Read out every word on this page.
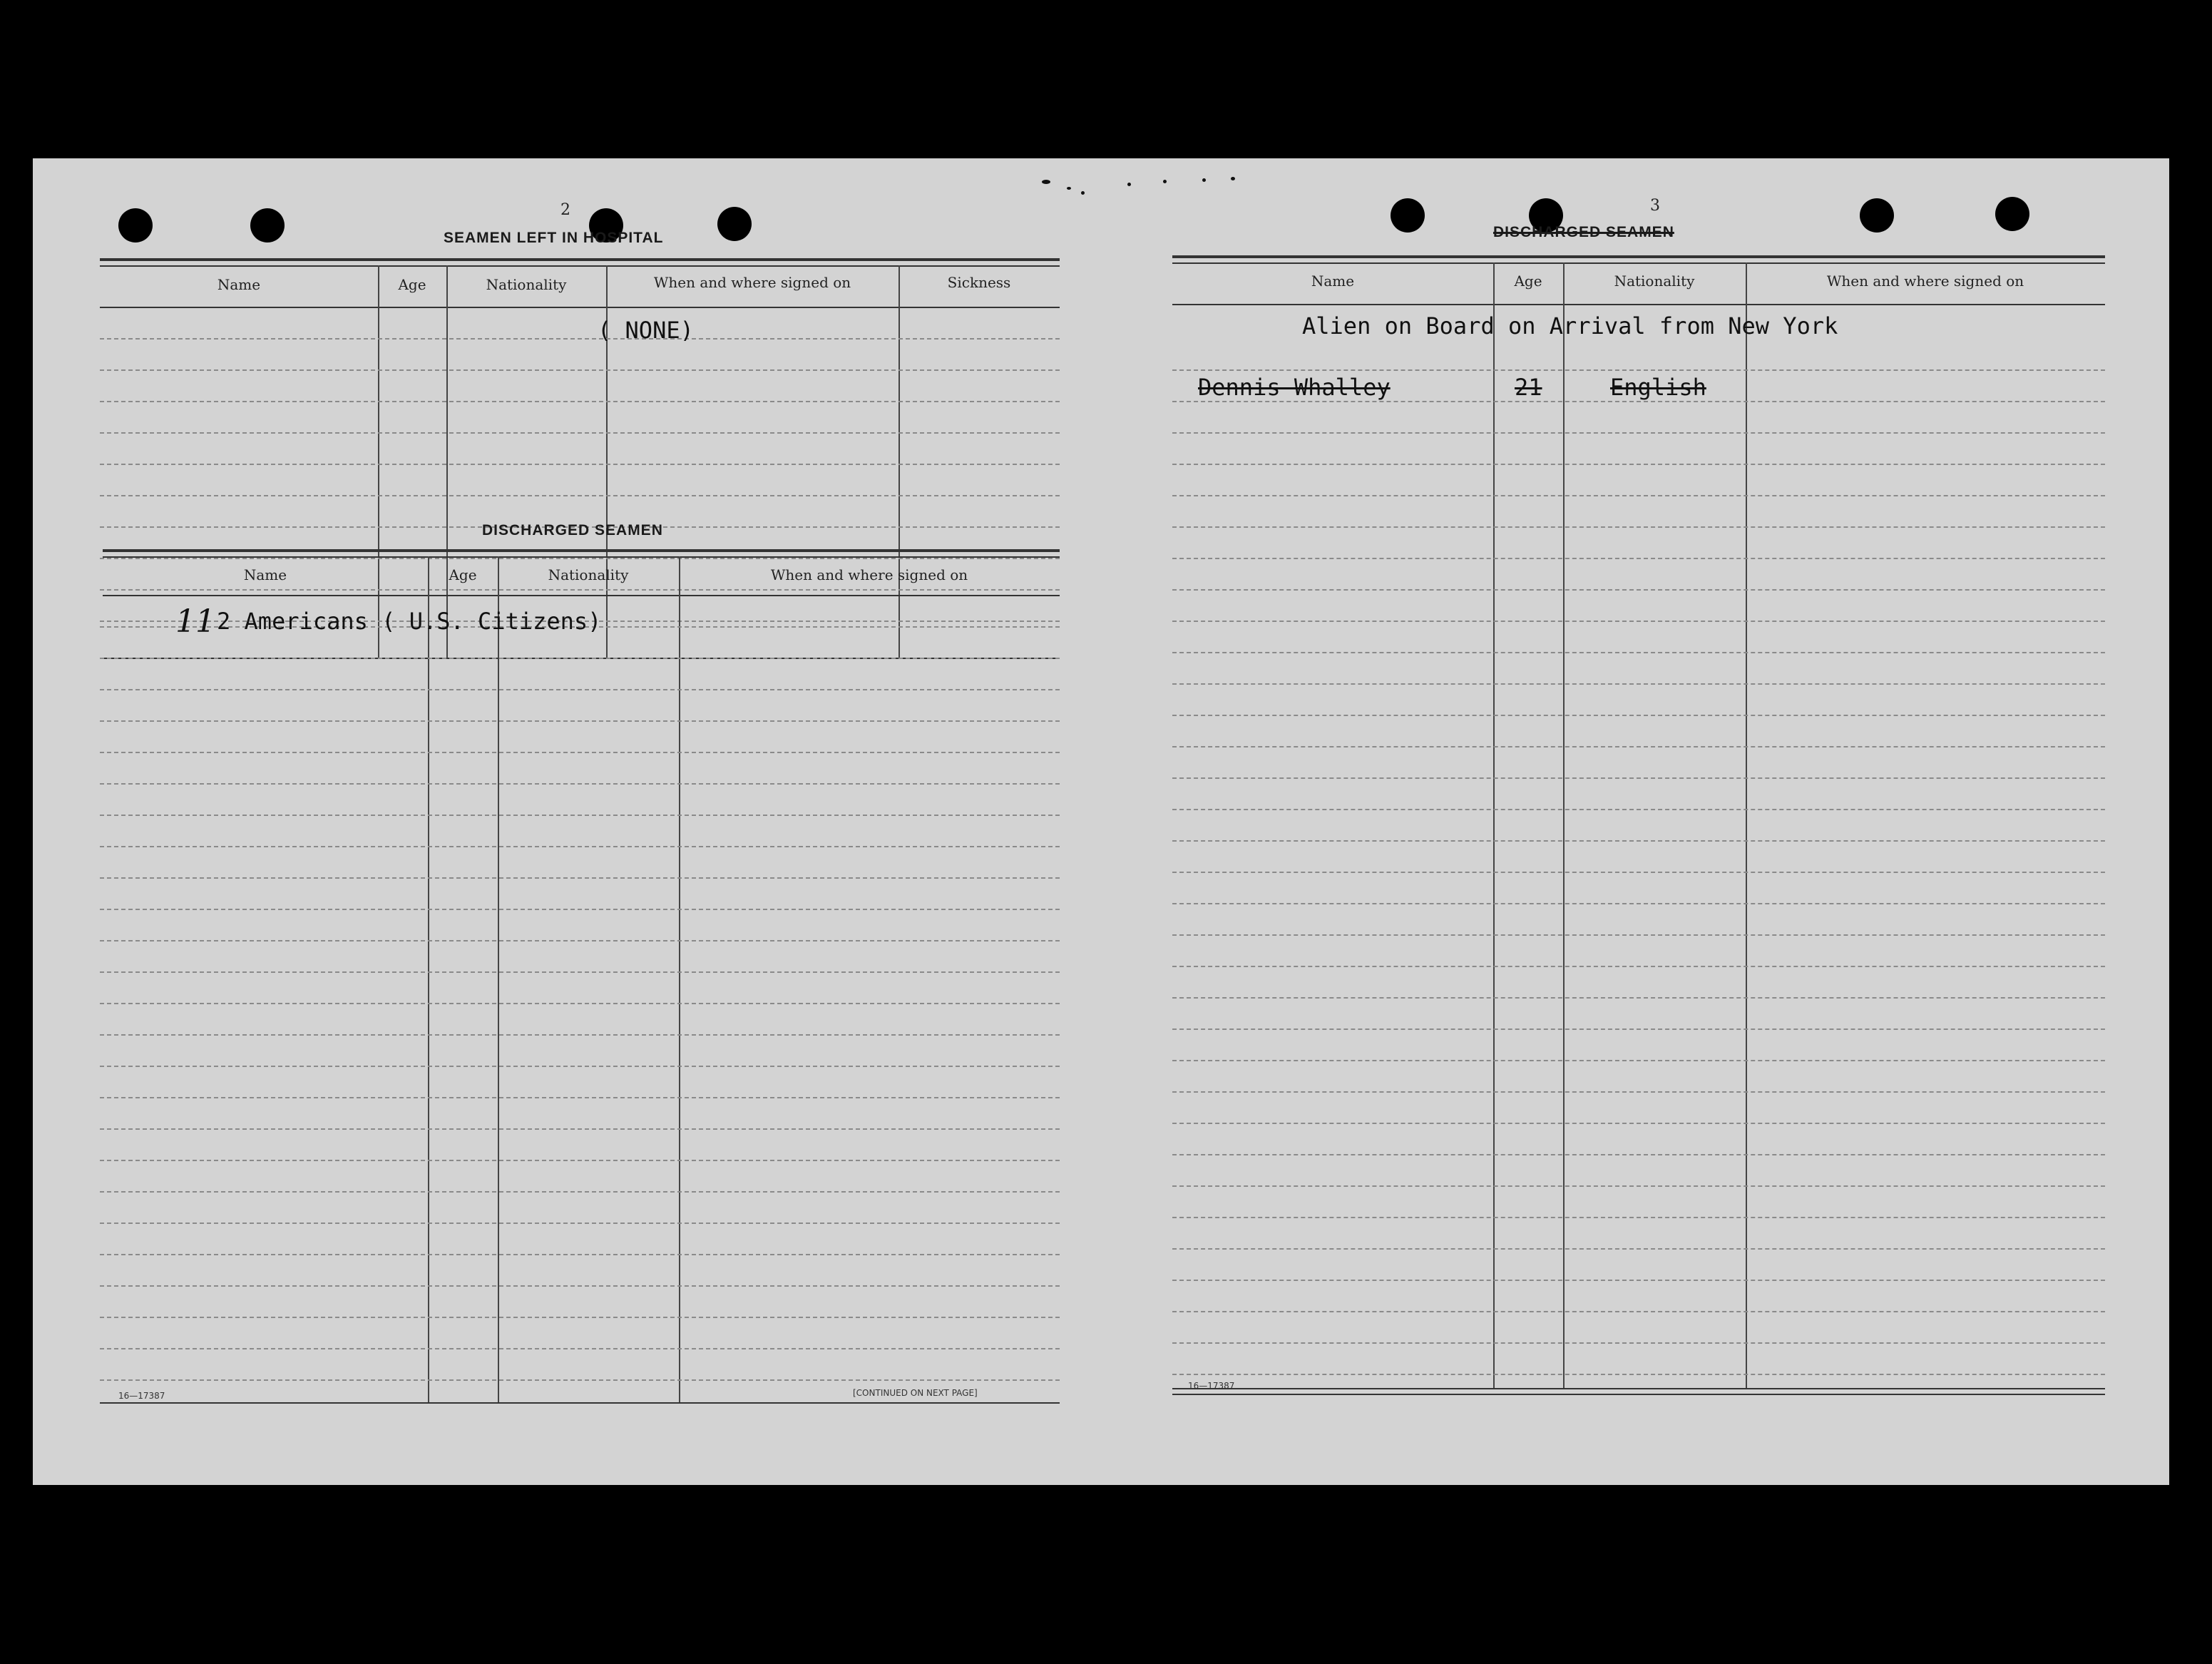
2
SEAMEN LEFT IN HOSPITAL
Name	Age	Nationality	When and where signed on	Sickness
( NONE)
DISCHARGED SEAMEN
Name	Age	Nationality	When and where signed on
11 2 Americans ( U.S. Citizens)
16—17387	[CONTINUED ON NEXT PAGE]
3
DISCHARGED SEAMEN
Name	Age	Nationality	When and where signed on
Alien on Board on Arrival from New York
Dennis Whalley	21	English
16—17387
